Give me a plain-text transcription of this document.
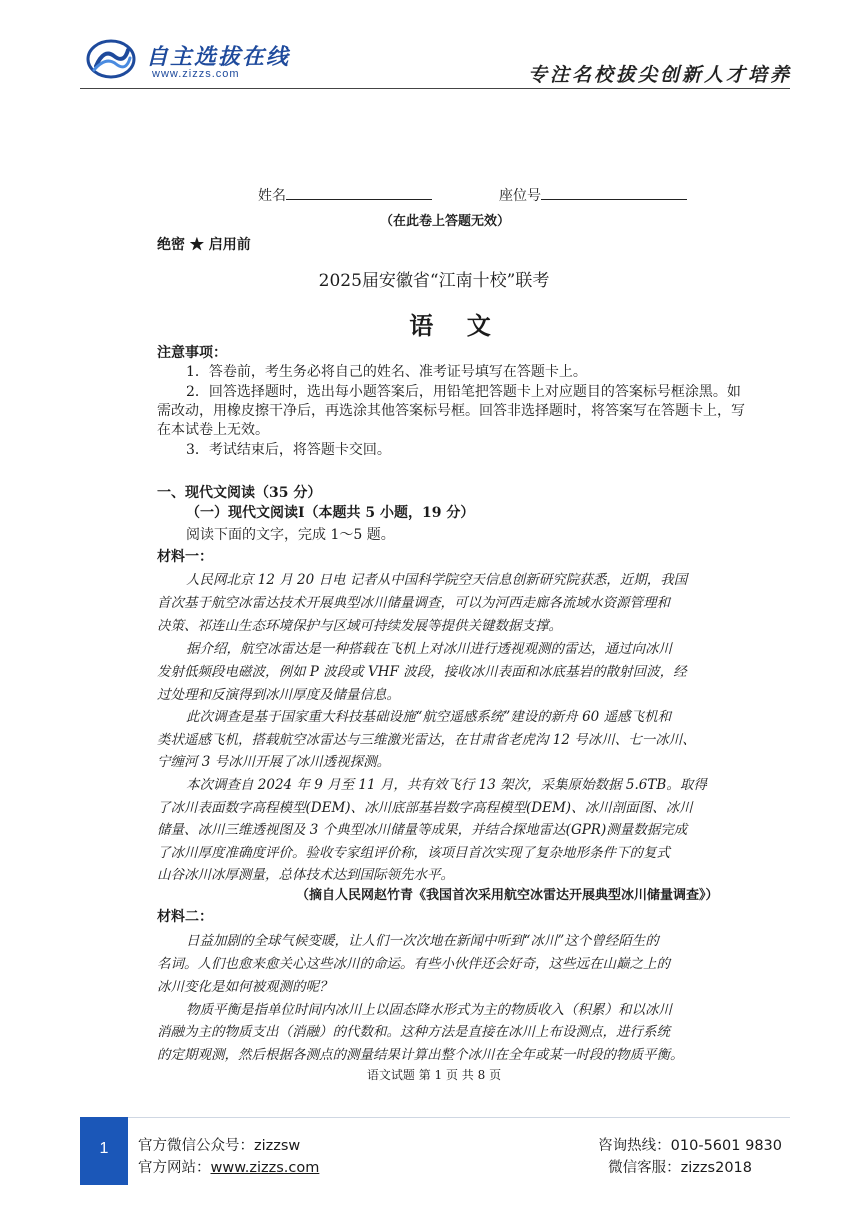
自主选拔在线
www.zizzs.com	专注名校拔尖创新人才培养
姓名	座位号
（在此卷上答题无效）
绝密 ★ 启用前
2025届安徽省“江南十校”联考
语    文
注意事项：
1．答卷前，考生务必将自己的姓名、准考证号填写在答题卡上。
2．回答选择题时，选出每小题答案后，用铅笔把答题卡上对应题目的答案标号框涂黑。如
需改动，用橡皮擦干净后，再选涂其他答案标号框。回答非选择题时，将答案写在答题卡上，写
在本试卷上无效。
3．考试结束后，将答题卡交回。
一、现代文阅读（35 分）
（一）现代文阅读Ⅰ（本题共 5 小题，19 分）
阅读下面的文字，完成 1～5 题。
材料一：
人民网北京 12 月 20 日电 记者从中国科学院空天信息创新研究院获悉，近期，我国
首次基于航空冰雷达技术开展典型冰川储量调查，可以为河西走廊各流域水资源管理和
决策、祁连山生态环境保护与区域可持续发展等提供关键数据支撑。
据介绍，航空冰雷达是一种搭载在飞机上对冰川进行透视观测的雷达，通过向冰川
发射低频段电磁波，例如 P 波段或 VHF 波段，接收冰川表面和冰底基岩的散射回波，经
过处理和反演得到冰川厚度及储量信息。
此次调查是基于国家重大科技基础设施“航空遥感系统”建设的新舟 60 遥感飞机和
类状遥感飞机，搭载航空冰雷达与三维激光雷达，在甘肃省老虎沟 12 号冰川、七一冰川、
宁缠河 3 号冰川开展了冰川透视探测。
本次调查自 2024 年 9 月至 11 月，共有效飞行 13 架次，采集原始数据 5.6TB。取得
了冰川表面数字高程模型(DEM)、冰川底部基岩数字高程模型(DEM)、冰川剖面图、冰川
储量、冰川三维透视图及 3 个典型冰川储量等成果，并结合探地雷达(GPR)测量数据完成
了冰川厚度准确度评价。验收专家组评价称，该项目首次实现了复杂地形条件下的复式
山谷冰川冰厚测量，总体技术达到国际领先水平。
（摘自人民网赵竹青《我国首次采用航空冰雷达开展典型冰川储量调查》）
材料二：
日益加剧的全球气候变暖，让人们一次次地在新闻中听到“冰川”这个曾经陌生的
名词。人们也愈来愈关心这些冰川的命运。有些小伙伴还会好奇，这些远在山巅之上的
冰川变化是如何被观测的呢？
物质平衡是指单位时间内冰川上以固态降水形式为主的物质收入（积累）和以冰川
消融为主的物质支出（消融）的代数和。这种方法是直接在冰川上布设测点，进行系统
的定期观测，然后根据各测点的测量结果计算出整个冰川在全年或某一时段的物质平衡。
语文试题 第 1 页 共 8 页
1	官方微信公众号：zizzsw
官方网站：www.zizzs.com
咨询热线：010-5601 9830
微信客服：zizzs2018
